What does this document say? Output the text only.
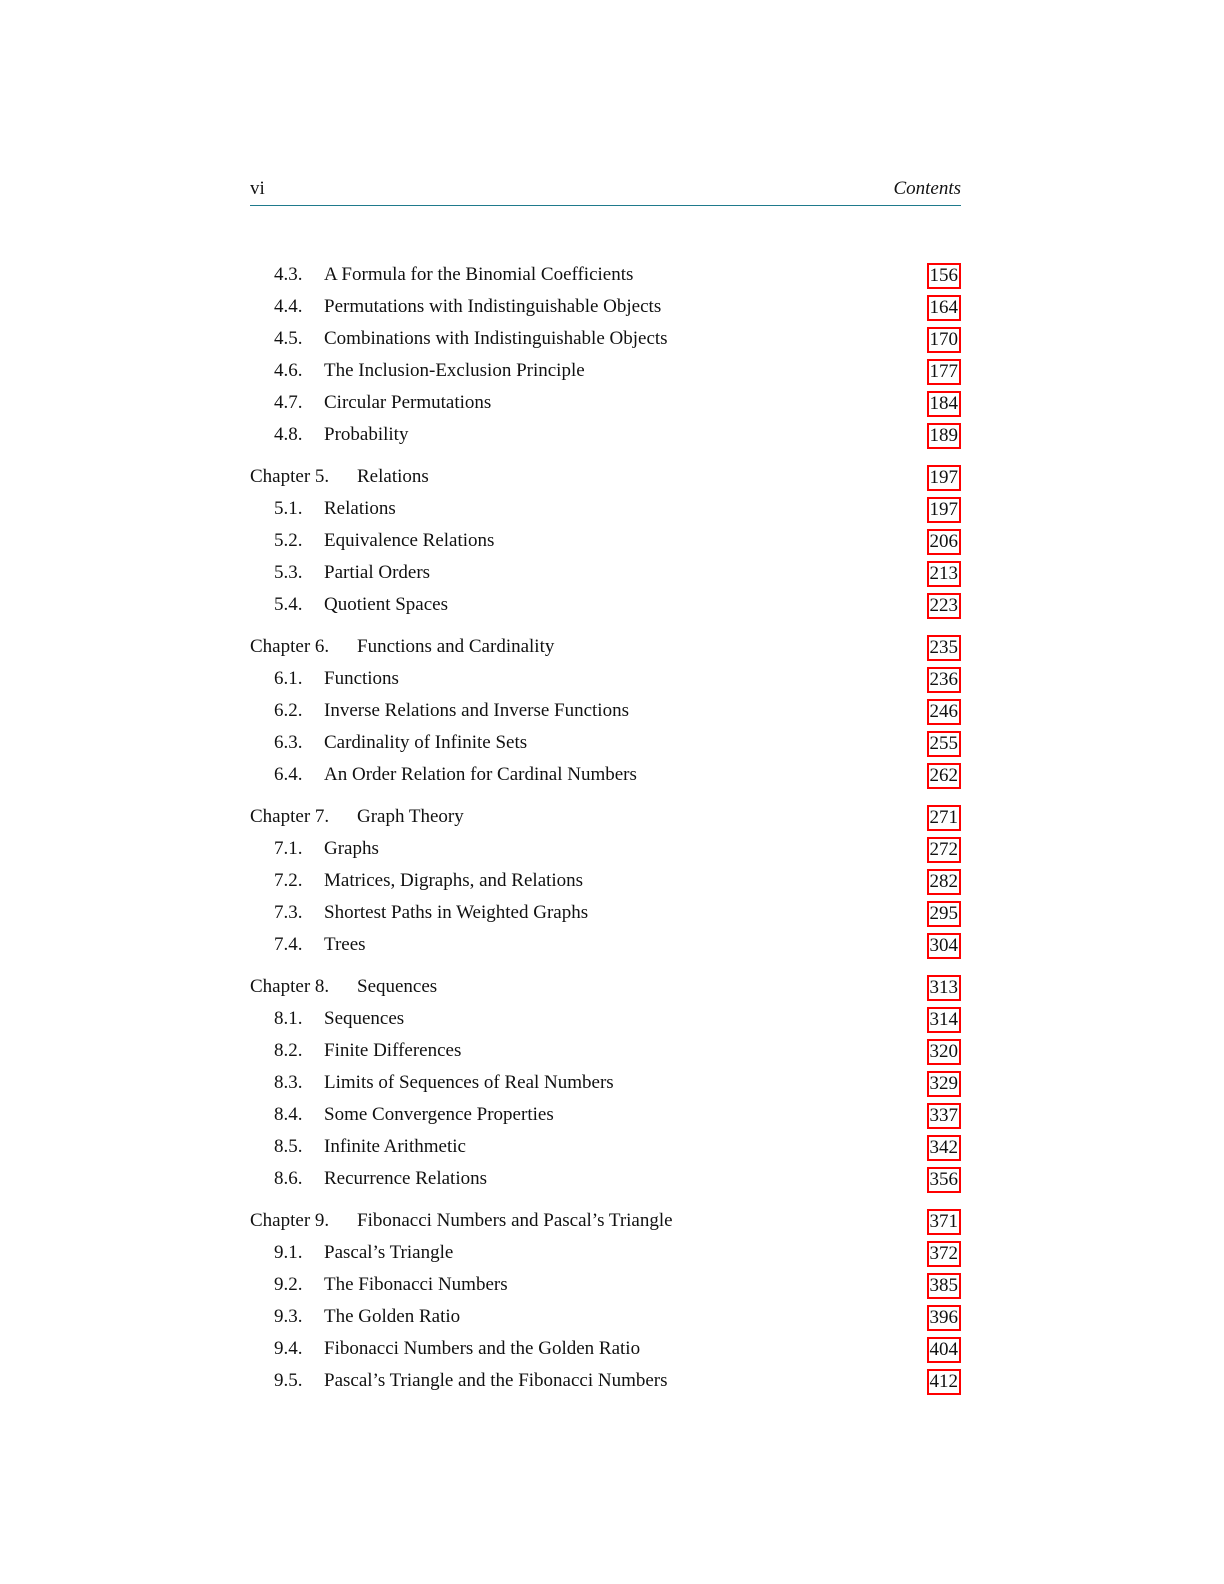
vi	Contents
4.3. A Formula for the Binomial Coefficients	156
4.4. Permutations with Indistinguishable Objects	164
4.5. Combinations with Indistinguishable Objects	170
4.6. The Inclusion-Exclusion Principle	177
4.7. Circular Permutations	184
4.8. Probability	189
Chapter 5. Relations	197
5.1. Relations	197
5.2. Equivalence Relations	206
5.3. Partial Orders	213
5.4. Quotient Spaces	223
Chapter 6. Functions and Cardinality	235
6.1. Functions	236
6.2. Inverse Relations and Inverse Functions	246
6.3. Cardinality of Infinite Sets	255
6.4. An Order Relation for Cardinal Numbers	262
Chapter 7. Graph Theory	271
7.1. Graphs	272
7.2. Matrices, Digraphs, and Relations	282
7.3. Shortest Paths in Weighted Graphs	295
7.4. Trees	304
Chapter 8. Sequences	313
8.1. Sequences	314
8.2. Finite Differences	320
8.3. Limits of Sequences of Real Numbers	329
8.4. Some Convergence Properties	337
8.5. Infinite Arithmetic	342
8.6. Recurrence Relations	356
Chapter 9. Fibonacci Numbers and Pascal’s Triangle	371
9.1. Pascal’s Triangle	372
9.2. The Fibonacci Numbers	385
9.3. The Golden Ratio	396
9.4. Fibonacci Numbers and the Golden Ratio	404
9.5. Pascal’s Triangle and the Fibonacci Numbers	412
